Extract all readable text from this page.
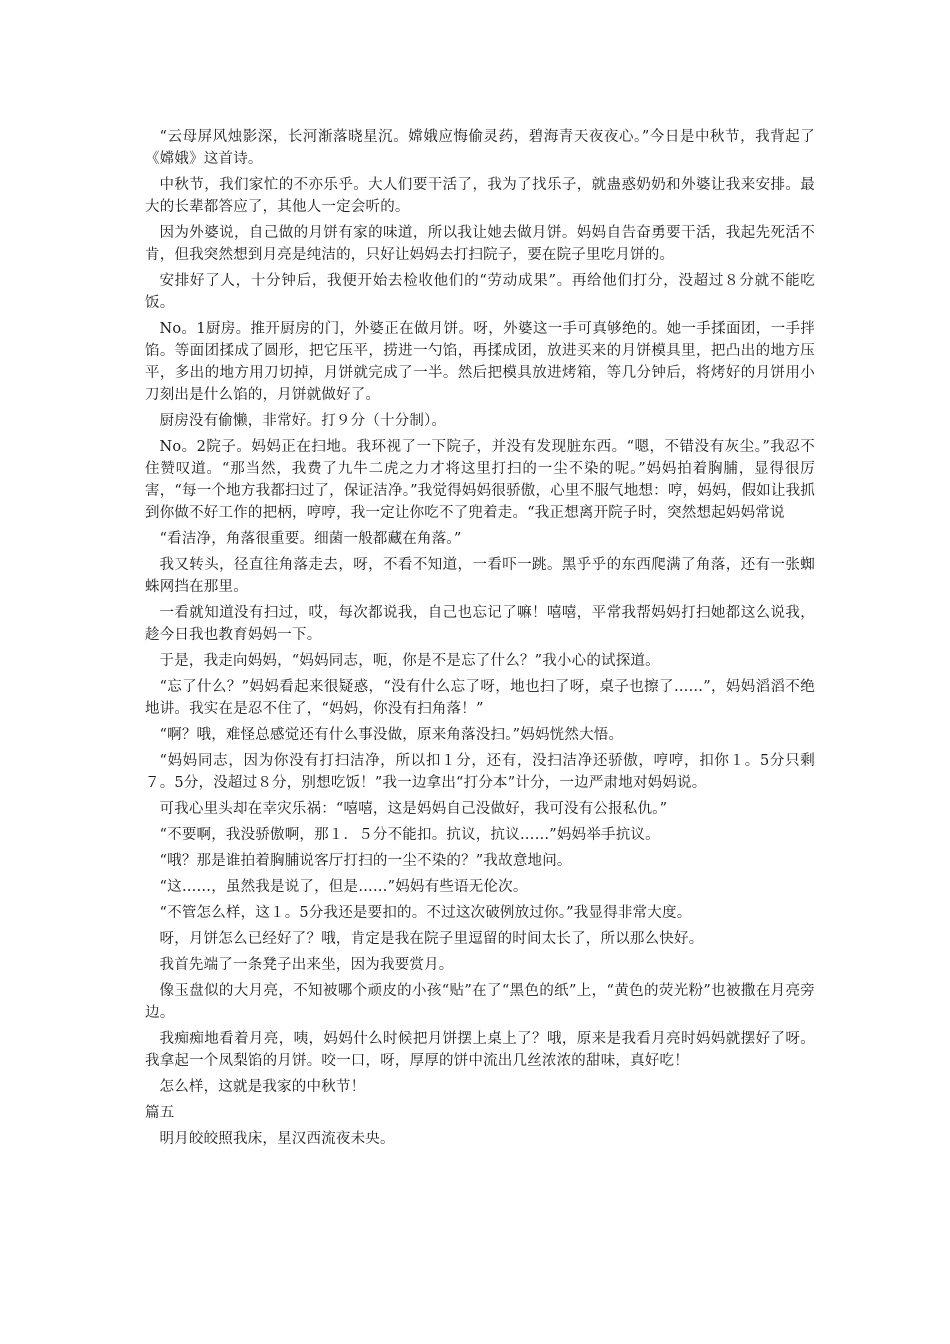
“云母屏风烛影深，长河渐落晓星沉。嫦娥应悔偷灵药，碧海青天夜夜心。”今日是中秋节，我背起了《嫦娥》这首诗。

中秋节，我们家忙的不亦乐乎。大人们要干活了，我为了找乐子，就蛊惑奶奶和外婆让我来安排。最大的长辈都答应了，其他人一定会听的。

因为外婆说，自己做的月饼有家的味道，所以我让她去做月饼。妈妈自告奋勇要干活，我起先死活不肯，但我突然想到月亮是纯洁的，只好让妈妈去打扫院子，要在院子里吃月饼的。

安排好了人，十分钟后，我便开始去检收他们的“劳动成果”。再给他们打分，没超过８分就不能吃饭。

No。1厨房。推开厨房的门，外婆正在做月饼。呀，外婆这一手可真够绝的。她一手揉面团，一手拌馅。等面团揉成了圆形，把它压平，捞进一勺馅，再揉成团，放进买来的月饼模具里，把凸出的地方压平，多出的地方用刀切掉，月饼就完成了一半。然后把模具放进烤箱，等几分钟后，将烤好的月饼用小刀刻出是什么馅的，月饼就做好了。

厨房没有偷懒，非常好。打９分（十分制）。

No。2院子。妈妈正在扫地。我环视了一下院子，并没有发现脏东西。“嗯，不错没有灰尘。”我忍不住赞叹道。“那当然，我费了九牛二虎之力才将这里打扫的一尘不染的呢。”妈妈拍着胸脯，显得很厉害，“每一个地方我都扫过了，保证洁净。”我觉得妈妈很骄傲，心里不服气地想：哼，妈妈，假如让我抓到你做不好工作的把柄，哼哼，我一定让你吃不了兜着走。“我正想离开院子时，突然想起妈妈常说

“看洁净，角落很重要。细菌一般都藏在角落。”

我又转头，径直往角落走去，呀，不看不知道，一看吓一跳。黑乎乎的东西爬满了角落，还有一张蜘蛛网挡在那里。

一看就知道没有扫过，哎，每次都说我，自己也忘记了嘛！嘻嘻，平常我帮妈妈打扫她都这么说我，趁今日我也教育妈妈一下。

于是，我走向妈妈，“妈妈同志，呃，你是不是忘了什么？”我小心的试探道。

“忘了什么？”妈妈看起来很疑惑，“没有什么忘了呀，地也扫了呀，桌子也擦了……”，妈妈滔滔不绝地讲。我实在是忍不住了，“妈妈，你没有扫角落！”

“啊？哦，难怪总感觉还有什么事没做，原来角落没扫。”妈妈恍然大悟。

“妈妈同志，因为你没有打扫洁净，所以扣１分，还有，没扫洁净还骄傲，哼哼，扣你１。5分只剩７。5分，没超过８分，别想吃饭！”我一边拿出“打分本”计分，一边严肃地对妈妈说。

可我心里头却在幸灾乐祸：“嘻嘻，这是妈妈自己没做好，我可没有公报私仇。”

“不要啊，我没骄傲啊，那１．５分不能扣。抗议，抗议……”妈妈举手抗议。

“哦？那是谁拍着胸脯说客厅打扫的一尘不染的？”我故意地问。

“这……，虽然我是说了，但是……”妈妈有些语无伦次。

“不管怎么样，这１。5分我还是要扣的。不过这次破例放过你。”我显得非常大度。

呀，月饼怎么已经好了？哦，肯定是我在院子里逗留的时间太长了，所以那么快好。

我首先端了一条凳子出来坐，因为我要赏月。

像玉盘似的大月亮，不知被哪个顽皮的小孩“贴”在了“黑色的纸”上，“黄色的荧光粉”也被撒在月亮旁边。

我痴痴地看着月亮，咦，妈妈什么时候把月饼摆上桌上了？哦，原来是我看月亮时妈妈就摆好了呀。我拿起一个凤梨馅的月饼。咬一口，呀，厚厚的饼中流出几丝浓浓的甜味，真好吃！

怎么样，这就是我家的中秋节！

篇五

明月皎皎照我床，星汉西流夜未央。
